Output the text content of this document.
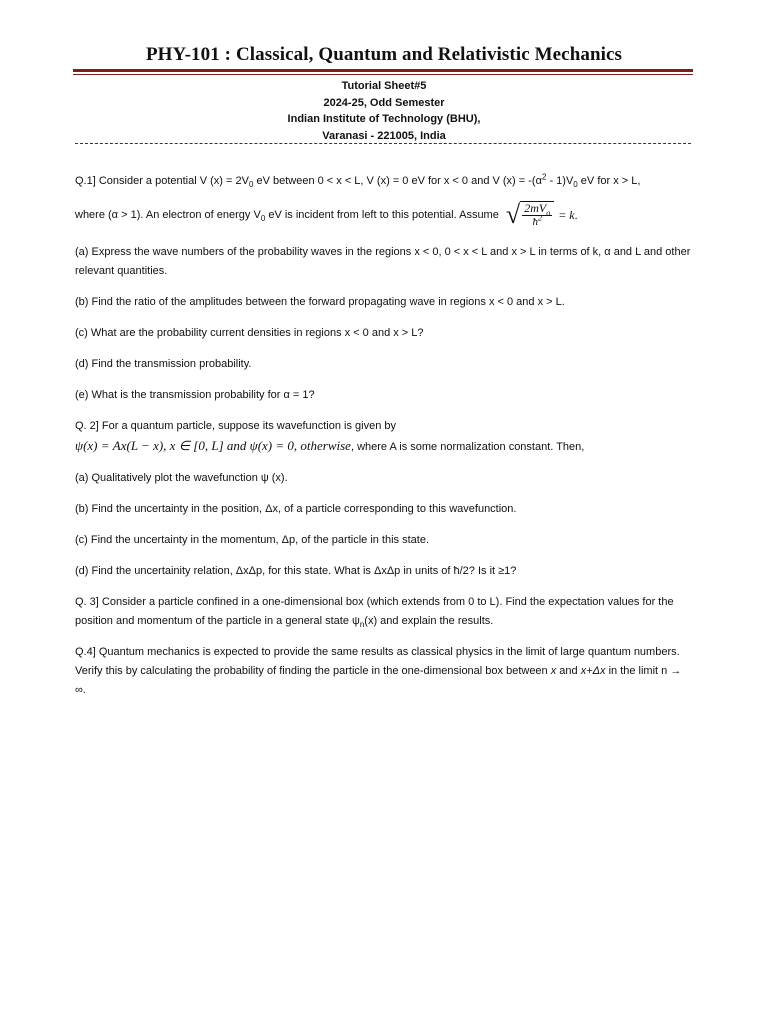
PHY-101 : Classical, Quantum and Relativistic Mechanics
Tutorial Sheet#5
2024-25, Odd Semester
Indian Institute of Technology (BHU),
Varanasi - 221005, India

Q.1] Consider a potential V $(x) = 2V_0$ eV between 0 < x < L, V (x) = 0 eV for x < 0 and V $(x) = -(\alpha^2 - 1)V_0$ eV for x > L,

where (α > 1). An electron of energy $V_0$ eV is incident from left to this potential. Assume √ $\frac{2mV_o}{ħ^2} = k$ .

(a) Express the wave numbers of the probability waves in the regions x < 0, 0 < x < L and x > L in terms of k, α and L and other relevant quantities.

(b) Find the ratio of the amplitudes between the forward propagating wave in regions x < 0 and x > L.

(c) What are the probability current densities in regions x < 0 and x > L?

(d) Find the transmission probability.

(e) What is the transmission probability for α = 1?

Q. 2] For a quantum particle, suppose its wavefunction is given by

ψ(x) = Ax(L − x), x ∈ [0, L] and ψ(x) = 0, otherwise, where A is some normalization constant. Then,

(a) Qualitatively plot the wavefunction ψ (x).

(b) Find the uncertainty in the position, Δx, of a particle corresponding to this wavefunction.

(c) Find the uncertainty in the momentum, Δp, of the particle in this state.

(d) Find the uncertainity relation, ΔxΔp, for this state. What is ΔxΔp in units of ħ/2? Is it ≥1?

Q. 3] Consider a particle confined in a one-dimensional box (which extends from 0 to L). Find the expectation values for the position and momentum of the particle in a general state $\psi_n(x)$ and explain the results.

Q.4] Quantum mechanics is expected to provide the same results as classical physics in the limit of large quantum numbers. Verify this by calculating the probability of finding the particle in the one-dimensional box between x and x+Δx in the limit n → ∞.
